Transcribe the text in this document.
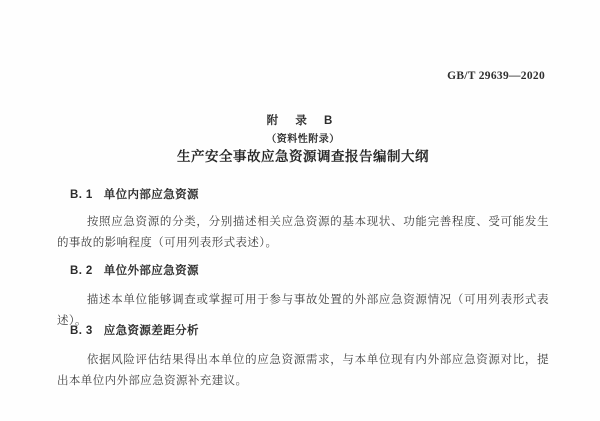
GB/T 29639—2020
附 录 B
（资料性附录）
生产安全事故应急资源调查报告编制大纲
B. 1 单位内部应急资源
按照应急资源的分类，分别描述相关应急资源的基本现状、功能完善程度、受可能发生的事故的影响程度（可用列表形式表述）。
B. 2 单位外部应急资源
描述本单位能够调查或掌握可用于参与事故处置的外部应急资源情况（可用列表形式表述）。
B. 3 应急资源差距分析
依据风险评估结果得出本单位的应急资源需求，与本单位现有内外部应急资源对比，提出本单位内外部应急资源补充建议。
